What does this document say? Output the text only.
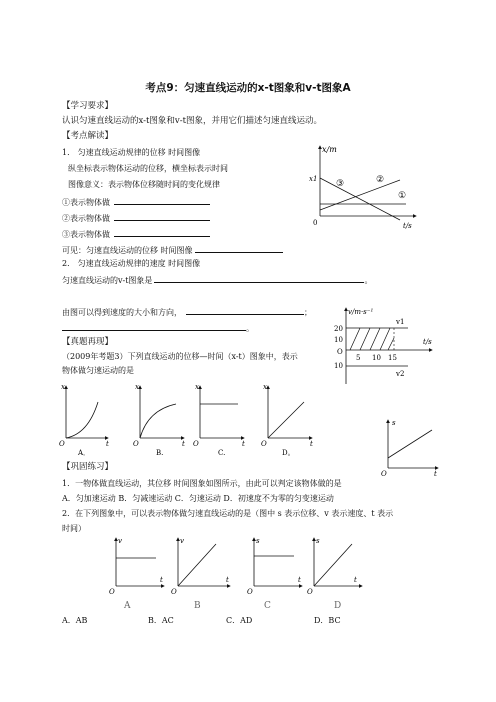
考点9：匀速直线运动的x-t图象和v-t图象A
【学习要求】
认识匀速直线运动的x-t图象和v-t图象，并用它们描述匀速直线运动。
【考点解读】
1． 匀速直线运动规律的位移 时间图像
纵坐标表示物体运动的位移，横坐标表示时间
图像意义：表示物体位移随时间的变化规律
①表示物体做
②表示物体做
③表示物体做
可见：匀速直线运动的位移 时间图像
2． 匀速直线运动规律的速度 时间图像
匀速直线运动的v-t图象是	。
由图可以得到速度的大小和方向，	；
。
【真题再现】
（2009年考题3）下列直线运动的位移—时间（x-t）图象中，表示
物体做匀速运动的是
x/m
t/s
x1
0
①
②
③
v/m·s⁻¹
t/s
v1
v2
20
10
10
O
5 10 15
x
t
O
A．
x
t
O
B.
x
t
O
C.
x
t
O
D。
s
t
O
【巩固练习】
1．一物体做直线运动，其位移 时间图象如图所示，由此可以判定该物体做的是
A．匀加速运动 B．匀减速运动 C．匀速运动 D．初速度不为零的匀变速运动
2．在下列图象中，可以表示物体做匀速直线运动的是（图中 s 表示位移、v 表示速度、t 表示
时间）
v
t
O
A
v
t
O
B
s
t
O
C
s
t
O
D
A．AB	B．AC	C．AD	D．BC
